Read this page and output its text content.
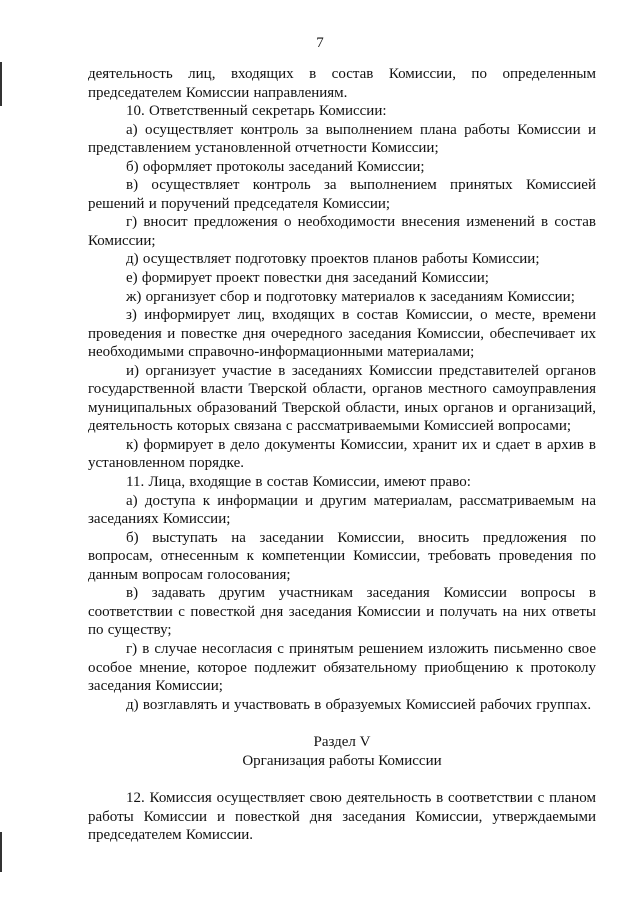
7

деятельность лиц, входящих в состав Комиссии, по определенным председателем Комиссии направлениям.

10. Ответственный секретарь Комиссии:

а) осуществляет контроль за выполнением плана работы Комиссии и представлением установленной отчетности Комиссии;

б) оформляет протоколы заседаний Комиссии;

в) осуществляет контроль за выполнением принятых Комиссией решений и поручений председателя Комиссии;

г) вносит предложения о необходимости внесения изменений в состав Комиссии;

д) осуществляет подготовку проектов планов работы Комиссии;

е) формирует проект повестки дня заседаний Комиссии;

ж) организует сбор и подготовку материалов к заседаниям Комиссии;

з) информирует лиц, входящих в состав Комиссии, о месте, времени проведения и повестке дня очередного заседания Комиссии, обеспечивает их необходимыми справочно-информационными материалами;

и) организует участие в заседаниях Комиссии представителей органов государственной власти Тверской области, органов местного самоуправления муниципальных образований Тверской области, иных органов и организаций, деятельность которых связана с рассматриваемыми Комиссией вопросами;

к) формирует в дело документы Комиссии, хранит их и сдает в архив в установленном порядке.

11. Лица, входящие в состав Комиссии, имеют право:

а) доступа к информации и другим материалам, рассматриваемым на заседаниях Комиссии;

б) выступать на заседании Комиссии, вносить предложения по вопросам, отнесенным к компетенции Комиссии, требовать проведения по данным вопросам голосования;

в) задавать другим участникам заседания Комиссии вопросы в соответствии с повесткой дня заседания Комиссии и получать на них ответы по существу;

г) в случае несогласия с принятым решением изложить письменно свое особое мнение, которое подлежит обязательному приобщению к протоколу заседания Комиссии;

д) возглавлять и участвовать в образуемых Комиссией рабочих группах.

Раздел V

Организация работы Комиссии

12. Комиссия осуществляет свою деятельность в соответствии с планом работы Комиссии и повесткой дня заседания Комиссии, утверждаемыми председателем Комиссии.
